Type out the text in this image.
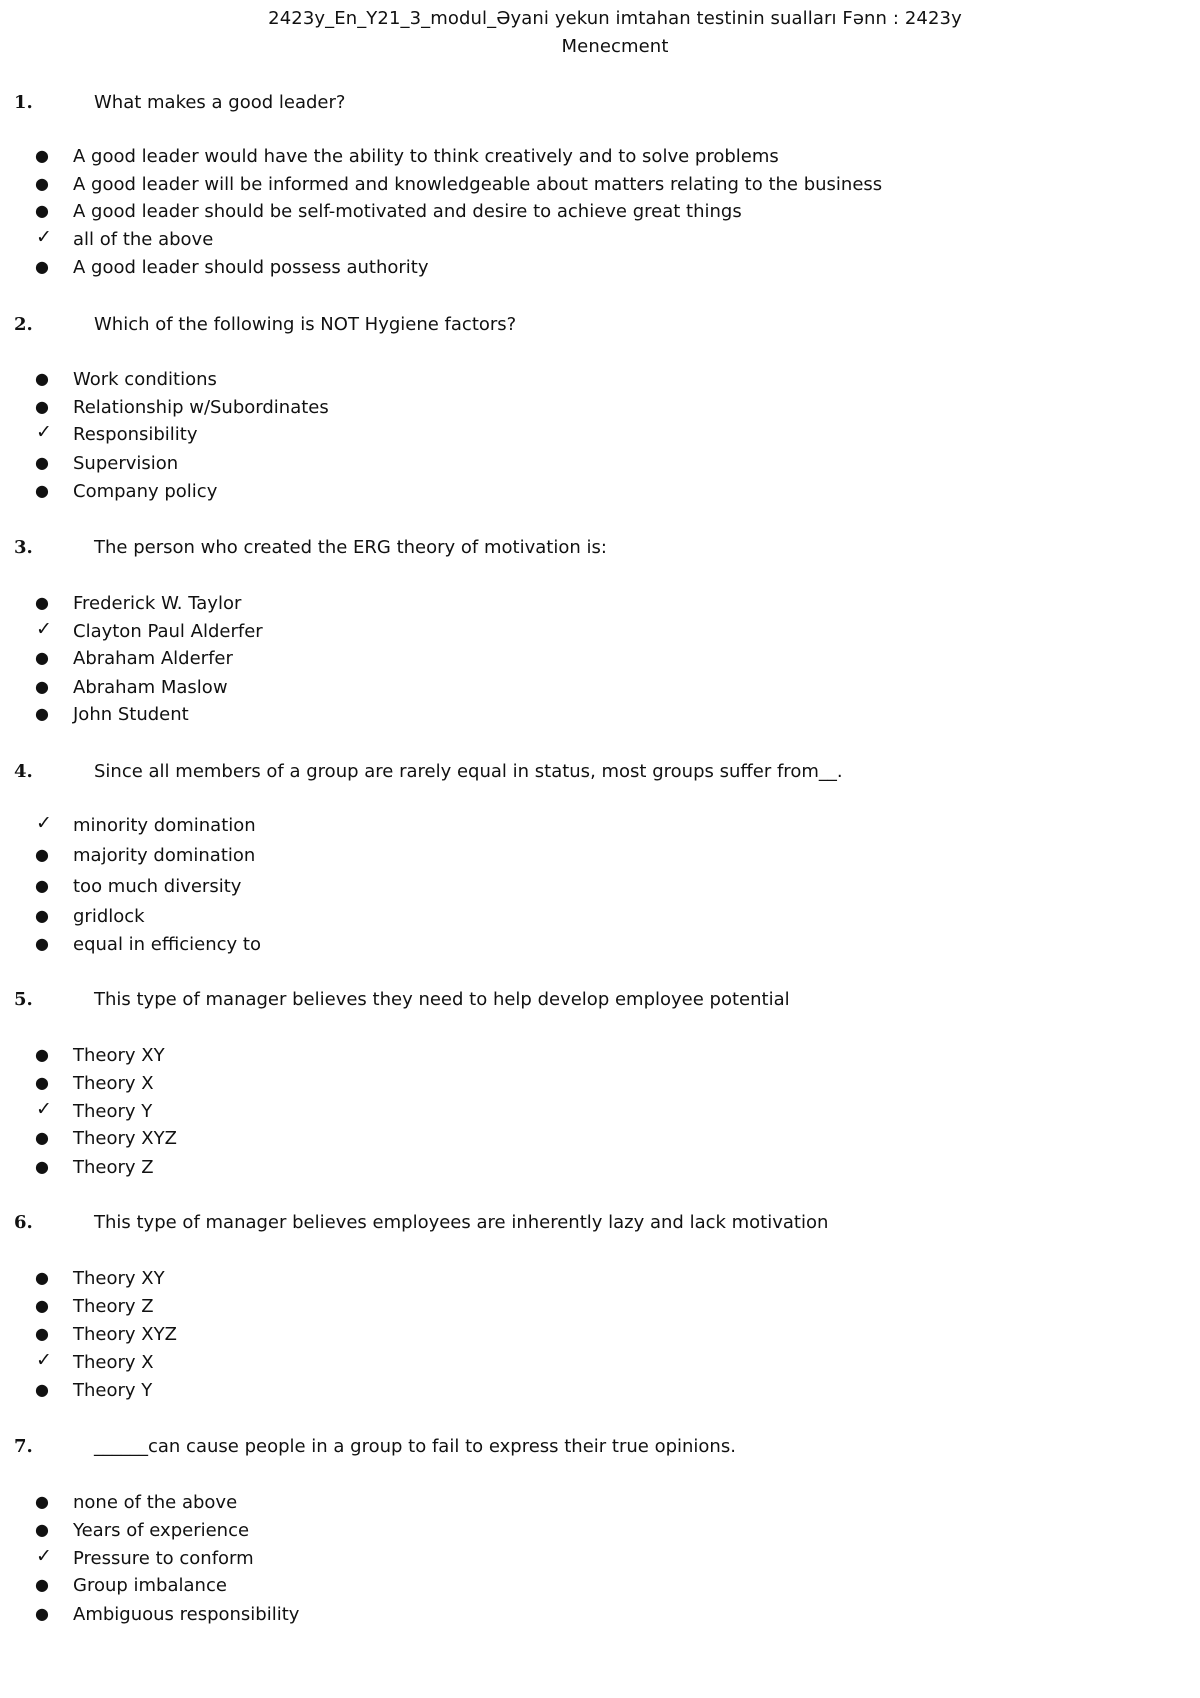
2423y_En_Y21_3_modul_Əyani yekun imtahan testinin sualları Fənn : 2423y
Menecment
1.	What makes a good leader?
● A good leader would have the ability to think creatively and to solve problems
● A good leader will be informed and knowledgeable about matters relating to the business
● A good leader should be self-motivated and desire to achieve great things
✓ all of the above
● A good leader should possess authority
2.	Which of the following is NOT Hygiene factors?
● Work conditions
● Relationship w/Subordinates
✓ Responsibility
● Supervision
● Company policy
3.	The person who created the ERG theory of motivation is:
● Frederick W. Taylor
✓ Clayton Paul Alderfer
● Abraham Alderfer
● Abraham Maslow
● John Student
4.	Since all members of a group are rarely equal in status, most groups suffer from__.
✓ minority domination
● majority domination
● too much diversity
● gridlock
● equal in efficiency to
5.	This type of manager believes they need to help develop employee potential
● Theory XY
● Theory X
✓ Theory Y
● Theory XYZ
● Theory Z
6.	This type of manager believes employees are inherently lazy and lack motivation
● Theory XY
● Theory Z
● Theory XYZ
✓ Theory X
● Theory Y
7.	______can cause people in a group to fail to express their true opinions.
● none of the above
● Years of experience
✓ Pressure to conform
● Group imbalance
● Ambiguous responsibility
